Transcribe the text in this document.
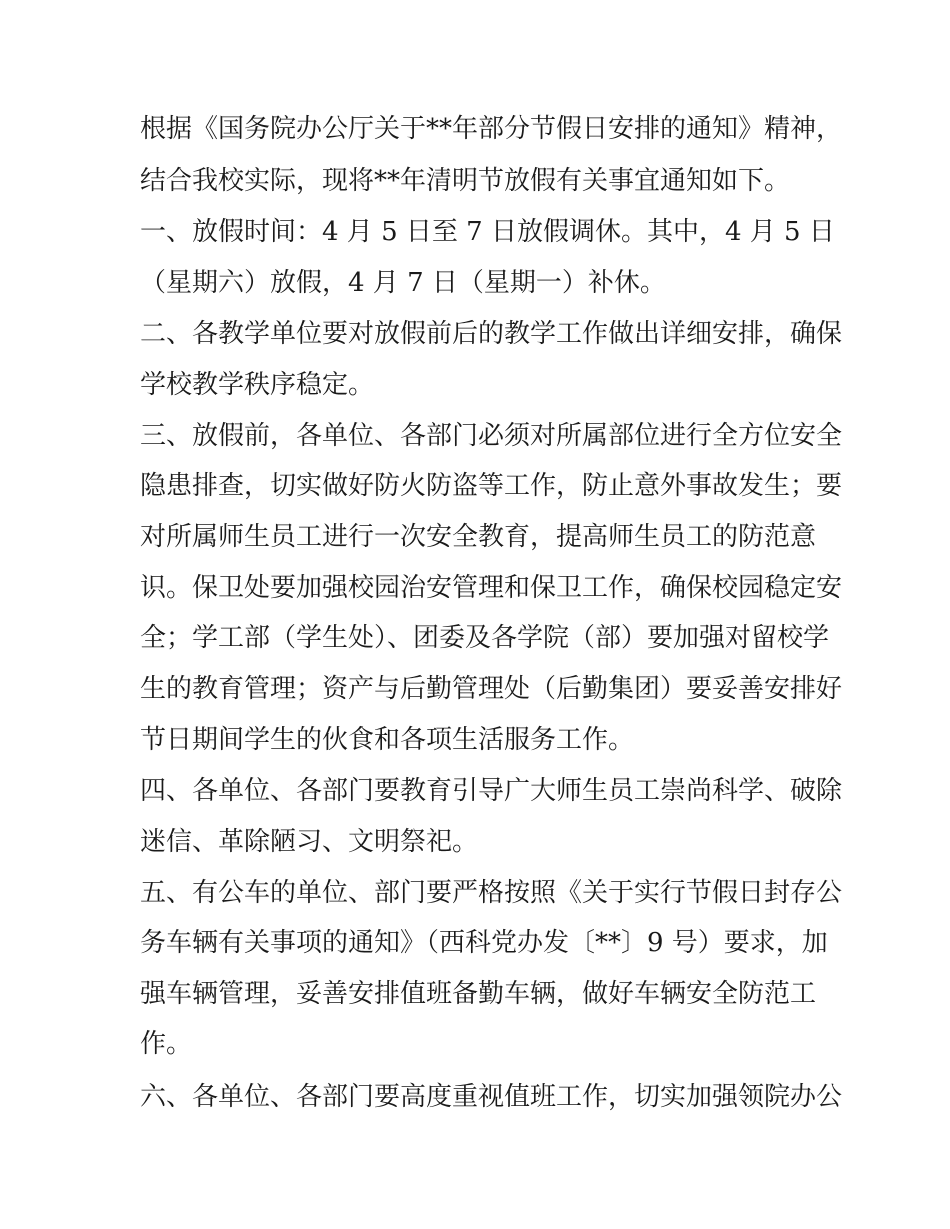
根据《国务院办公厅关于**年部分节假日安排的通知》精神，
结合我校实际，现将**年清明节放假有关事宜通知如下。
一、放假时间：4 月 5 日至 7 日放假调休。其中，4 月 5 日
（星期六）放假，4 月 7 日（星期一）补休。
二、各教学单位要对放假前后的教学工作做出详细安排，确保
学校教学秩序稳定。
三、放假前，各单位、各部门必须对所属部位进行全方位安全
隐患排查，切实做好防火防盗等工作，防止意外事故发生；要
对所属师生员工进行一次安全教育，提高师生员工的防范意
识。保卫处要加强校园治安管理和保卫工作，确保校园稳定安
全；学工部（学生处）、团委及各学院（部）要加强对留校学
生的教育管理；资产与后勤管理处（后勤集团）要妥善安排好
节日期间学生的伙食和各项生活服务工作。
四、各单位、各部门要教育引导广大师生员工崇尚科学、破除
迷信、革除陋习、文明祭祀。
五、有公车的单位、部门要严格按照《关于实行节假日封存公
务车辆有关事项的通知》（西科党办发〔**〕9 号）要求，加
强车辆管理，妥善安排值班备勤车辆，做好车辆安全防范工
作。
六、各单位、各部门要高度重视值班工作，切实加强领院办公
